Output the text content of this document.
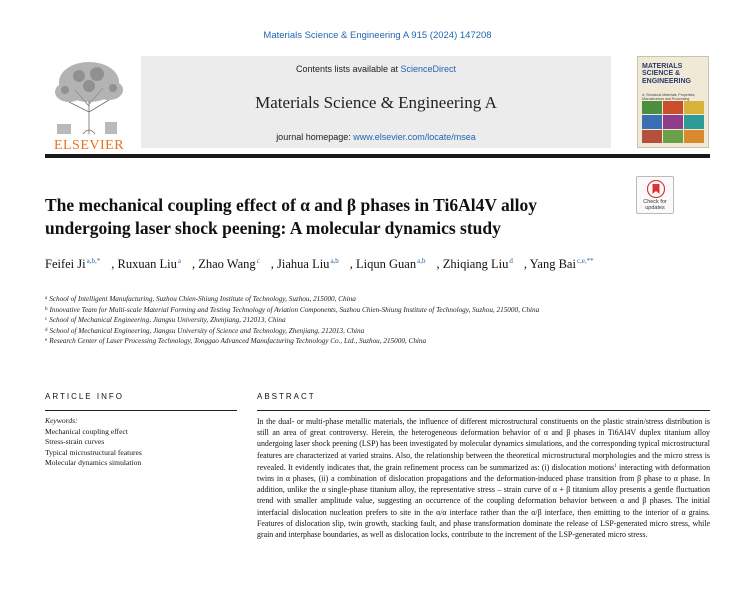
Materials Science & Engineering A 915 (2024) 147208
ELSEVIER
Contents lists available at ScienceDirect
Materials Science & Engineering A
journal homepage: www.elsevier.com/locate/msea
MATERIALS SCIENCE & ENGINEERING
A: Structural Materials: Properties, Microstructure and Processing
Check for
updates
The mechanical coupling effect of α and β phases in Ti6Al4V alloy undergoing laser shock peening: A molecular dynamics study
Feifei $Ji^{a,b,*}$ , Ruxuan Liu$^a$ , Zhao Wang$^c$ , Jiahua Liu$^{a,b}$ , Liqun Guan$^{a,b}$ , Zhiqiang Liu$^d$ , Yang Bai$^{c,e,**}$
$^a$ School of Intelligent Manufacturing, Suzhou Chien-Shiung Institute of Technology, Suzhou, 215000, China
$^b$ Innovative Team for Multi-scale Material Forming and Testing Technology of Aviation Components, Suzhou Chien-Shiung Institute of Technology, Suzhou, 215000, China
$^c$ School of Mechanical Engineering, Jiangsu University, Zhenjiang, 212013, China
$^d$ School of Mechanical Engineering, Jiangsu University of Science and Technology, Zhenjiang, 212013, China
$^e$ Research Center of Laser Processing Technology, Tonggao Advanced Manufacturing Technology Co., Ltd., Suzhou, 215000, China
ARTICLE INFO	ABSTRACT
Keywords:
Mechanical coupling effect
Stress-strain curves
Typical microstructural features
Molecular dynamics simulation

In the dual- or multi-phase metallic materials, the influence of different microstructural constituents on the plastic strain/stress distribution is still an area of great controversy. Herein, the heterogeneous deformation behavior of α and β phases in Ti6Al4V duplex titanium alloy undergoing laser shock peening (LSP) has been investigated by molecular dynamics simulations, and the corresponding typical microstructural features are characterized at varied strains. Also, the relationship between the theoretical microstructural morphologies and the micro stress is revealed. It evidently indicates that, the grain refinement process can be summarized as: (i) dislocation motions$^1$ interacting with deformation twins in α phases, (ii) a combination of dislocation propagations and the deformation-induced phase transition from β phase to α phase. In addition, unlike the α single-phase titanium alloy, the representative stress – strain curve of α + β titanium alloy presents a gentle fluctuation trend with smaller amplitude value, suggesting an occurrence of the coupling deformation behavior between α and β phases. The initial interfacial dislocation nucleation prefers to site in the α/α interface rather than the α/β interface, then emitting to the interior of α grains. Features of dislocation slip, twin growth, stacking fault, and phase transformation dominate the release of LSP-generated micro stress, while grain and interphase boundaries, as well as dislocation locks, contribute to the increment of the LSP-generated micro stress.
